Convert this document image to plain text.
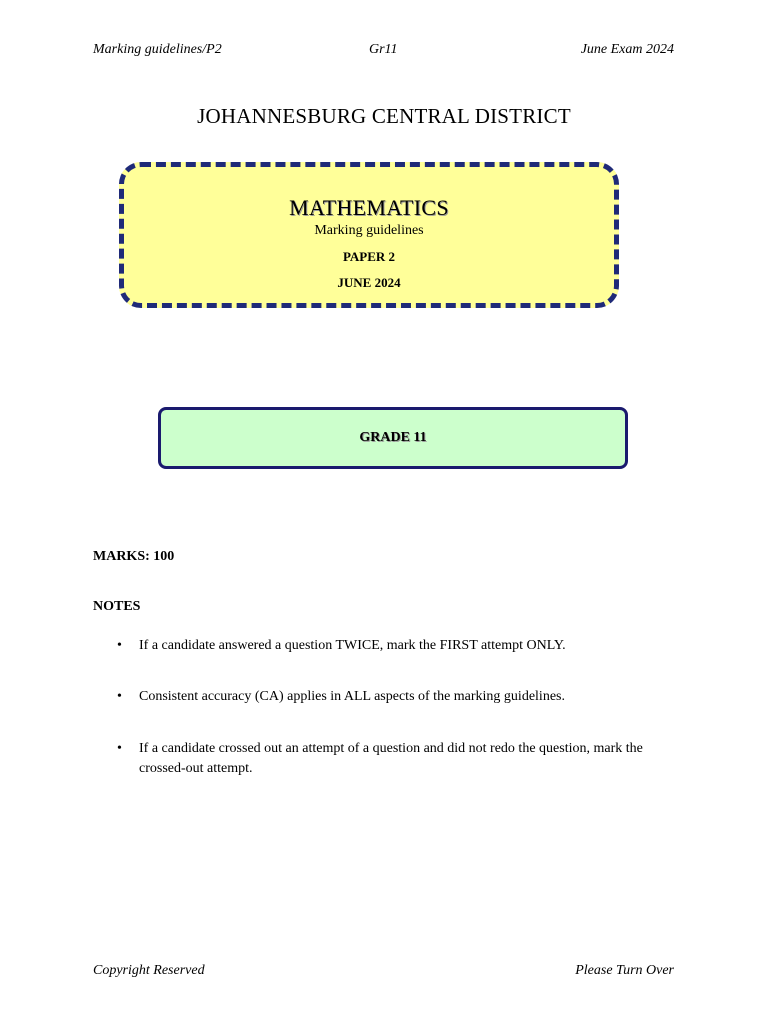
Marking guidelines/P2	Gr11	June Exam 2024
JOHANNESBURG CENTRAL DISTRICT
MATHEMATICS
Marking guidelines
PAPER 2
JUNE 2024
GRADE 11
MARKS: 100
NOTES
•	If a candidate answered a question TWICE, mark the FIRST attempt ONLY.
•	Consistent accuracy (CA) applies in ALL aspects of the marking guidelines.
•	If a candidate crossed out an attempt of a question and did not redo the question, mark the crossed-out attempt.
Copyright Reserved	Please Turn Over
